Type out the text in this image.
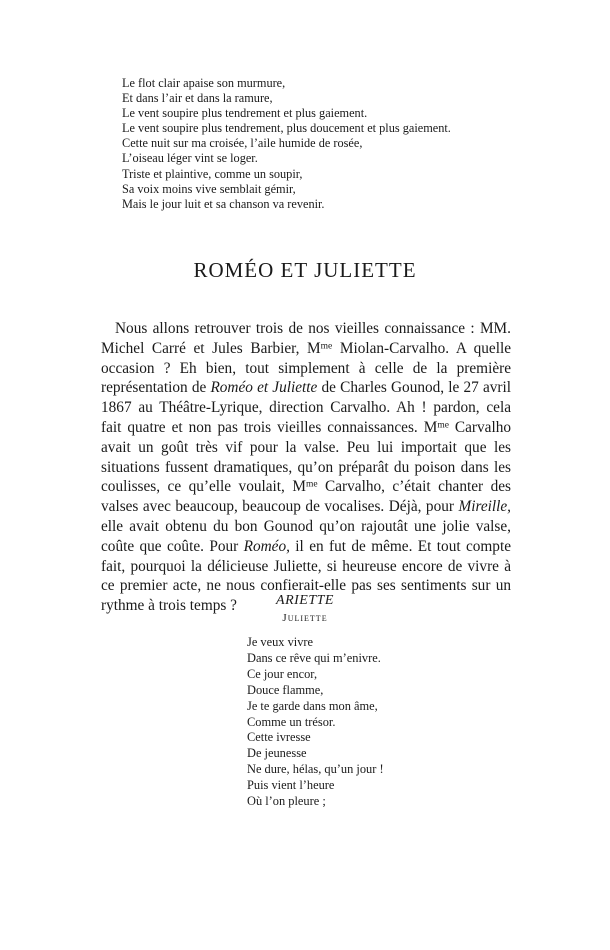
Le flot clair apaise son murmure,
Et dans l’air et dans la ramure,
Le vent soupire plus tendrement et plus gaiement.
Le vent soupire plus tendrement, plus doucement et plus gaiement.
Cette nuit sur ma croisée, l’aile humide de rosée,
L’oiseau léger vint se loger.
Triste et plaintive, comme un soupir,
Sa voix moins vive semblait gémir,
Mais le jour luit et sa chanson va revenir.
ROMÉO ET JULIETTE

Nous allons retrouver trois de nos vieilles connaissance : MM. Michel Carré et Jules Barbier, $M^{me}$ Miolan-Carvalho. A quelle occasion ? Eh bien, tout simplement à celle de la première représentation de Roméo et Juliette de Charles Gounod, le 27 avril 1867 au Théâtre-Lyrique, direction Carvalho. Ah ! pardon, cela fait quatre et non pas trois vieilles connaissances. $M^{me}$ Carvalho avait un goût très vif pour la valse. Peu lui importait que les situations fussent dramatiques, qu’on préparât du poison dans les coulisses, ce qu’elle voulait, $M^{me}$ Carvalho, c’était chanter des valses avec beaucoup, beaucoup de vocalises. Déjà, pour Mireille, elle avait obtenu du bon Gounod qu’on rajoutât une jolie valse, coûte que coûte. Pour Roméo, il en fut de même. Et tout compte fait, pourquoi la délicieuse Juliette, si heureuse encore de vivre à ce premier acte, ne nous confierait-elle pas ses sentiments sur un rythme à trois temps ?	ARIETTE
Juliette
Je veux vivre
Dans ce rêve qui m’enivre.
Ce jour encor,
Douce flamme,
Je te garde dans mon âme,
Comme un trésor.
Cette ivresse
De jeunesse
Ne dure, hélas, qu’un jour !
Puis vient l’heure
Où l’on pleure ;
